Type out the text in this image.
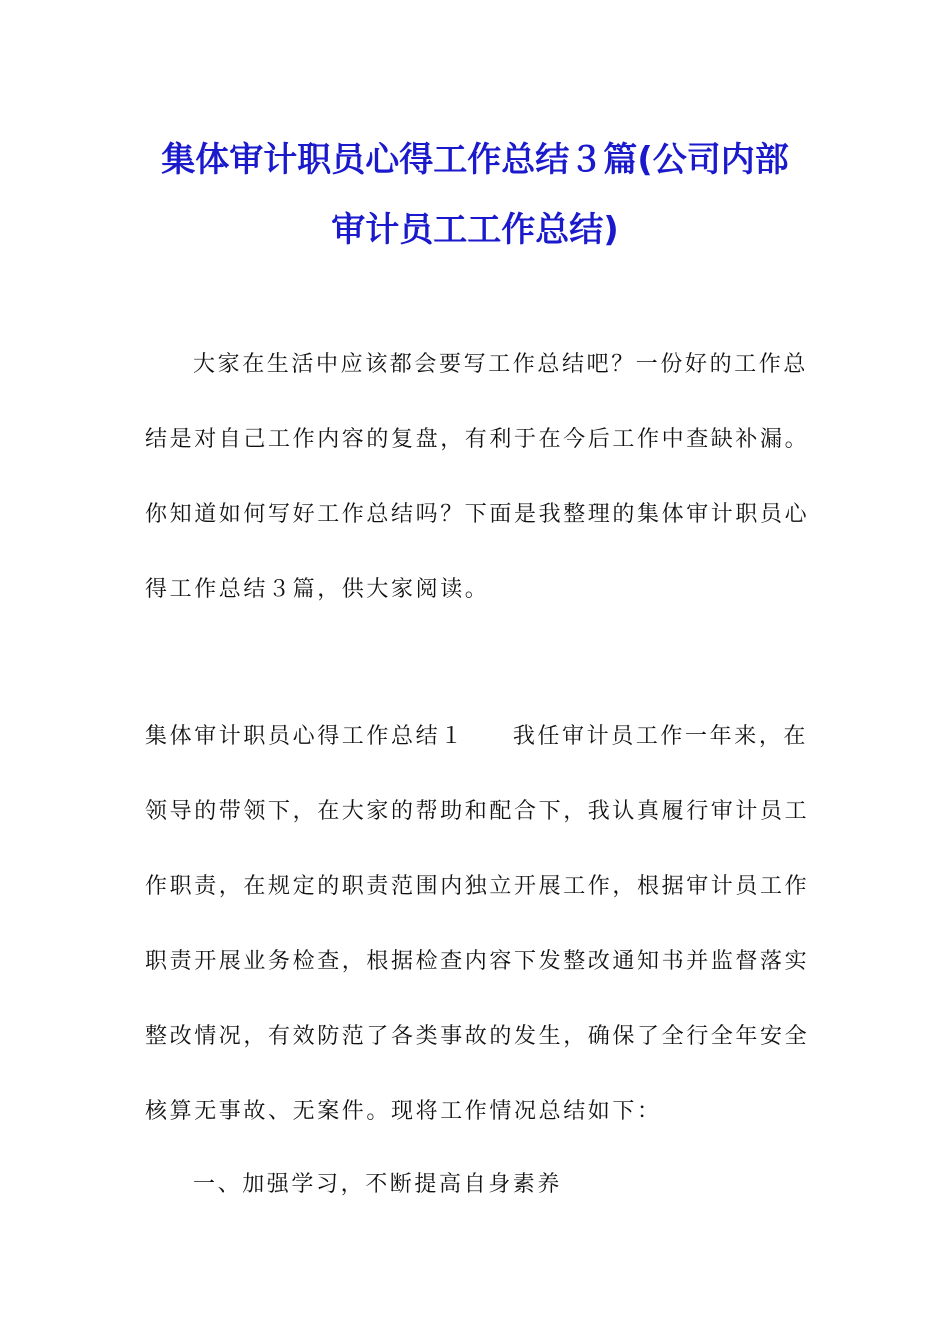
集体审计职员心得工作总结３篇(公司内部
审计员工工作总结)
大家在生活中应该都会要写工作总结吧？一份好的工作总
结是对自己工作内容的复盘，有利于在今后工作中查缺补漏。
你知道如何写好工作总结吗？下面是我整理的集体审计职员心
得工作总结３篇，供大家阅读。
集体审计职员心得工作总结１ 我任审计员工作一年来，在
领导的带领下，在大家的帮助和配合下，我认真履行审计员工
作职责，在规定的职责范围内独立开展工作，根据审计员工作
职责开展业务检查，根据检查内容下发整改通知书并监督落实
整改情况，有效防范了各类事故的发生，确保了全行全年安全
核算无事故、无案件。现将工作情况总结如下：
一、加强学习，不断提高自身素养
